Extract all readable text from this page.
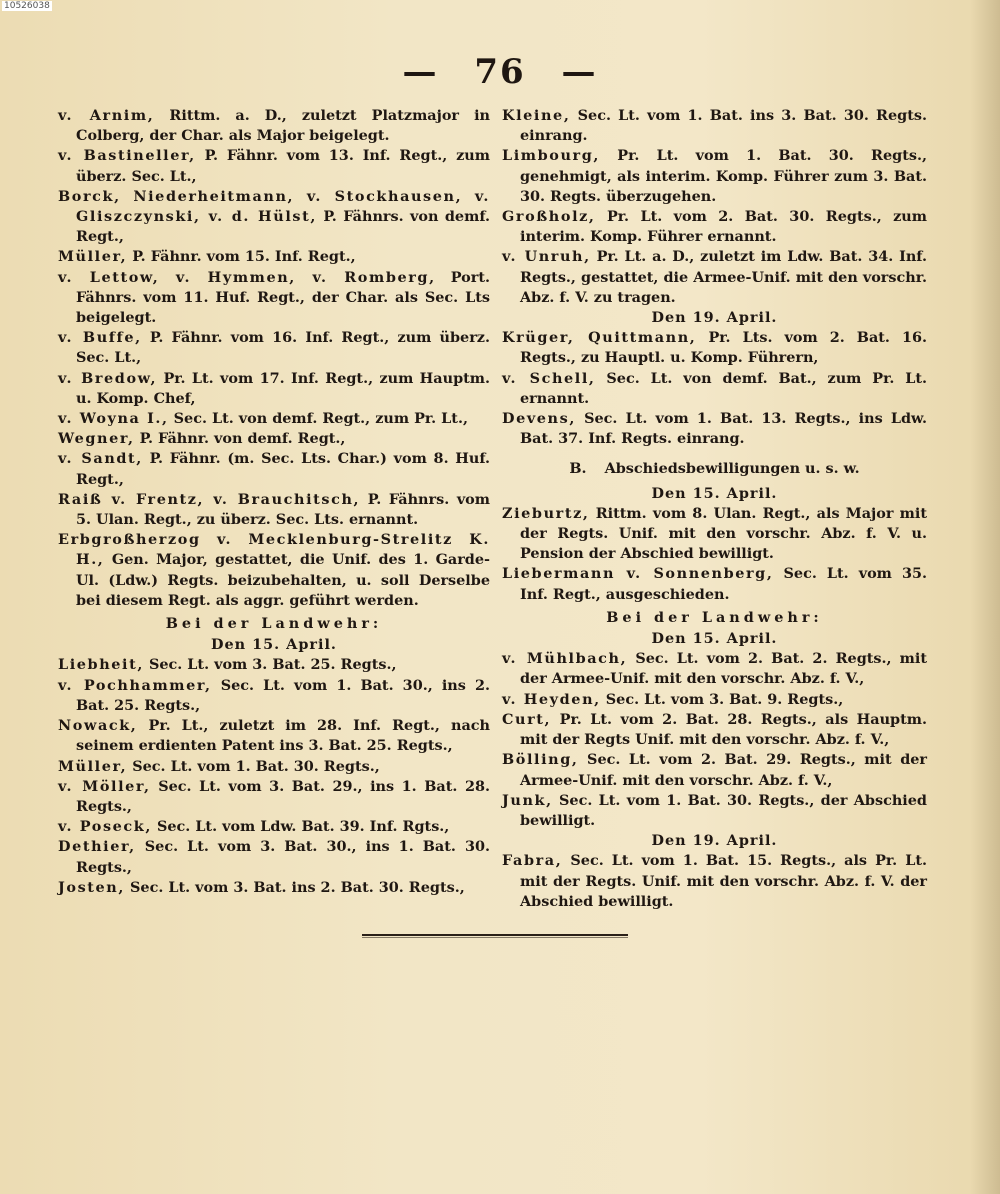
10526038
— 76 —
v. Arnim, Rittm. a. D., zuletzt Platzmajor in Colberg, der Char. als Major beigelegt.
v. Bastineller, P. Fähnr. vom 13. Inf. Regt., zum überz. Sec. Lt.,
Borck, Niederheitmann, v. Stockhausen, v. Gliszczynski, v. d. Hülst, P. Fähnrs. von demf. Regt.,
Müller, P. Fähnr. vom 15. Inf. Regt.,
v. Lettow, v. Hymmen, v. Romberg, Port. Fähnrs. vom 11. Huf. Regt., der Char. als Sec. Lts beigelegt.
v. Buffe, P. Fähnr. vom 16. Inf. Regt., zum überz. Sec. Lt.,
v. Bredow, Pr. Lt. vom 17. Inf. Regt., zum Hauptm. u. Komp. Chef,
v. Woyna I., Sec. Lt. von demf. Regt., zum Pr. Lt.,
Wegner, P. Fähnr. von demf. Regt.,
v. Sandt, P. Fähnr. (m. Sec. Lts. Char.) vom 8. Huf. Regt.,
Raiß v. Frentz, v. Brauchitsch, P. Fähnrs. vom 5. Ulan. Regt., zu überz. Sec. Lts. ernannt.
Erbgroßherzog v. Mecklenburg-Strelitz K. H., Gen. Major, gestattet, die Unif. des 1. Garde-Ul. (Ldw.) Regts. beizubehalten, u. soll Derselbe bei diesem Regt. als aggr. geführt werden.
Bei der Landwehr:
Den 15. April.
Liebheit, Sec. Lt. vom 3. Bat. 25. Regts.,
v. Pochhammer, Sec. Lt. vom 1. Bat. 30., ins 2. Bat. 25. Regts.,
Nowack, Pr. Lt., zuletzt im 28. Inf. Regt., nach seinem erdienten Patent ins 3. Bat. 25. Regts.,
Müller, Sec. Lt. vom 1. Bat. 30. Regts.,
v. Möller, Sec. Lt. vom 3. Bat. 29., ins 1. Bat. 28. Regts.,
v. Poseck, Sec. Lt. vom Ldw. Bat. 39. Inf. Rgts.,
Dethier, Sec. Lt. vom 3. Bat. 30., ins 1. Bat. 30. Regts.,
Josten, Sec. Lt. vom 3. Bat. ins 2. Bat. 30. Regts.,
Kleine, Sec. Lt. vom 1. Bat. ins 3. Bat. 30. Regts. einrang.
Limbourg, Pr. Lt. vom 1. Bat. 30. Regts., genehmigt, als interim. Komp. Führer zum 3. Bat. 30. Regts. überzugehen.
Großholz, Pr. Lt. vom 2. Bat. 30. Regts., zum interim. Komp. Führer ernannt.
v. Unruh, Pr. Lt. a. D., zuletzt im Ldw. Bat. 34. Inf. Regts., gestattet, die Armee-Unif. mit den vorschr. Abz. f. V. zu tragen.
Den 19. April.
Krüger, Quittmann, Pr. Lts. vom 2. Bat. 16. Regts., zu Hauptl. u. Komp. Führern,
v. Schell, Sec. Lt. von demf. Bat., zum Pr. Lt. ernannt.
Devens, Sec. Lt. vom 1. Bat. 13. Regts., ins Ldw. Bat. 37. Inf. Regts. einrang.
B. Abschiedsbewilligungen u. s. w.
Den 15. April.
Zieburtz, Rittm. vom 8. Ulan. Regt., als Major mit der Regts. Unif. mit den vorschr. Abz. f. V. u. Pension der Abschied bewilligt.
Liebermann v. Sonnenberg, Sec. Lt. vom 35. Inf. Regt., ausgeschieden.
Bei der Landwehr:
Den 15. April.
v. Mühlbach, Sec. Lt. vom 2. Bat. 2. Regts., mit der Armee-Unif. mit den vorschr. Abz. f. V.,
v. Heyden, Sec. Lt. vom 3. Bat. 9. Regts.,
Curt, Pr. Lt. vom 2. Bat. 28. Regts., als Hauptm. mit der Regts Unif. mit den vorschr. Abz. f. V.,
Bölling, Sec. Lt. vom 2. Bat. 29. Regts., mit der Armee-Unif. mit den vorschr. Abz. f. V.,
Junk, Sec. Lt. vom 1. Bat. 30. Regts., der Abschied bewilligt.
Den 19. April.
Fabra, Sec. Lt. vom 1. Bat. 15. Regts., als Pr. Lt. mit der Regts. Unif. mit den vorschr. Abz. f. V. der Abschied bewilligt.
